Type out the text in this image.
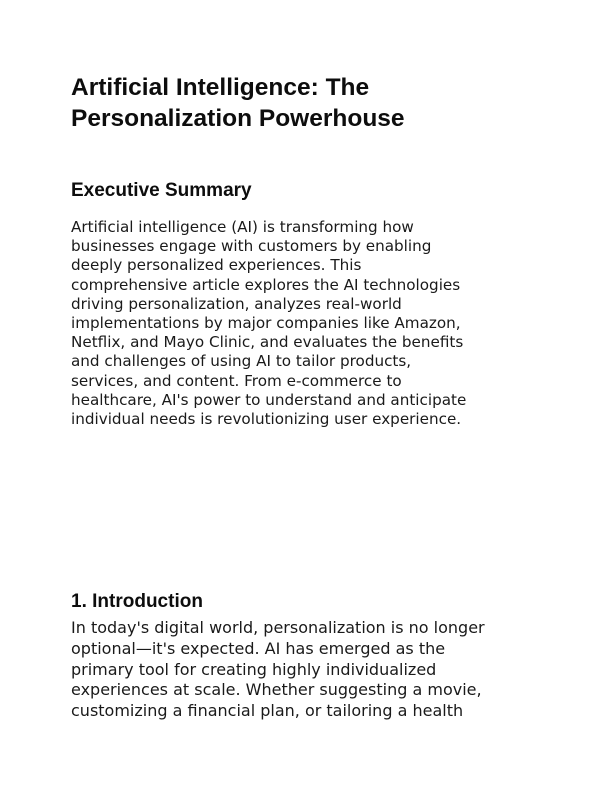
Artificial Intelligence: The
Personalization Powerhouse
Executive Summary

Artificial intelligence (AI) is transforming how
businesses engage with customers by enabling
deeply personalized experiences. This
comprehensive article explores the AI technologies
driving personalization, analyzes real-world
implementations by major companies like Amazon,
Netflix, and Mayo Clinic, and evaluates the benefits
and challenges of using AI to tailor products,
services, and content. From e-commerce to
healthcare, AI's power to understand and anticipate
individual needs is revolutionizing user experience.

1. Introduction

In today's digital world, personalization is no longer
optional—it's expected. AI has emerged as the
primary tool for creating highly individualized
experiences at scale. Whether suggesting a movie,
customizing a financial plan, or tailoring a health
